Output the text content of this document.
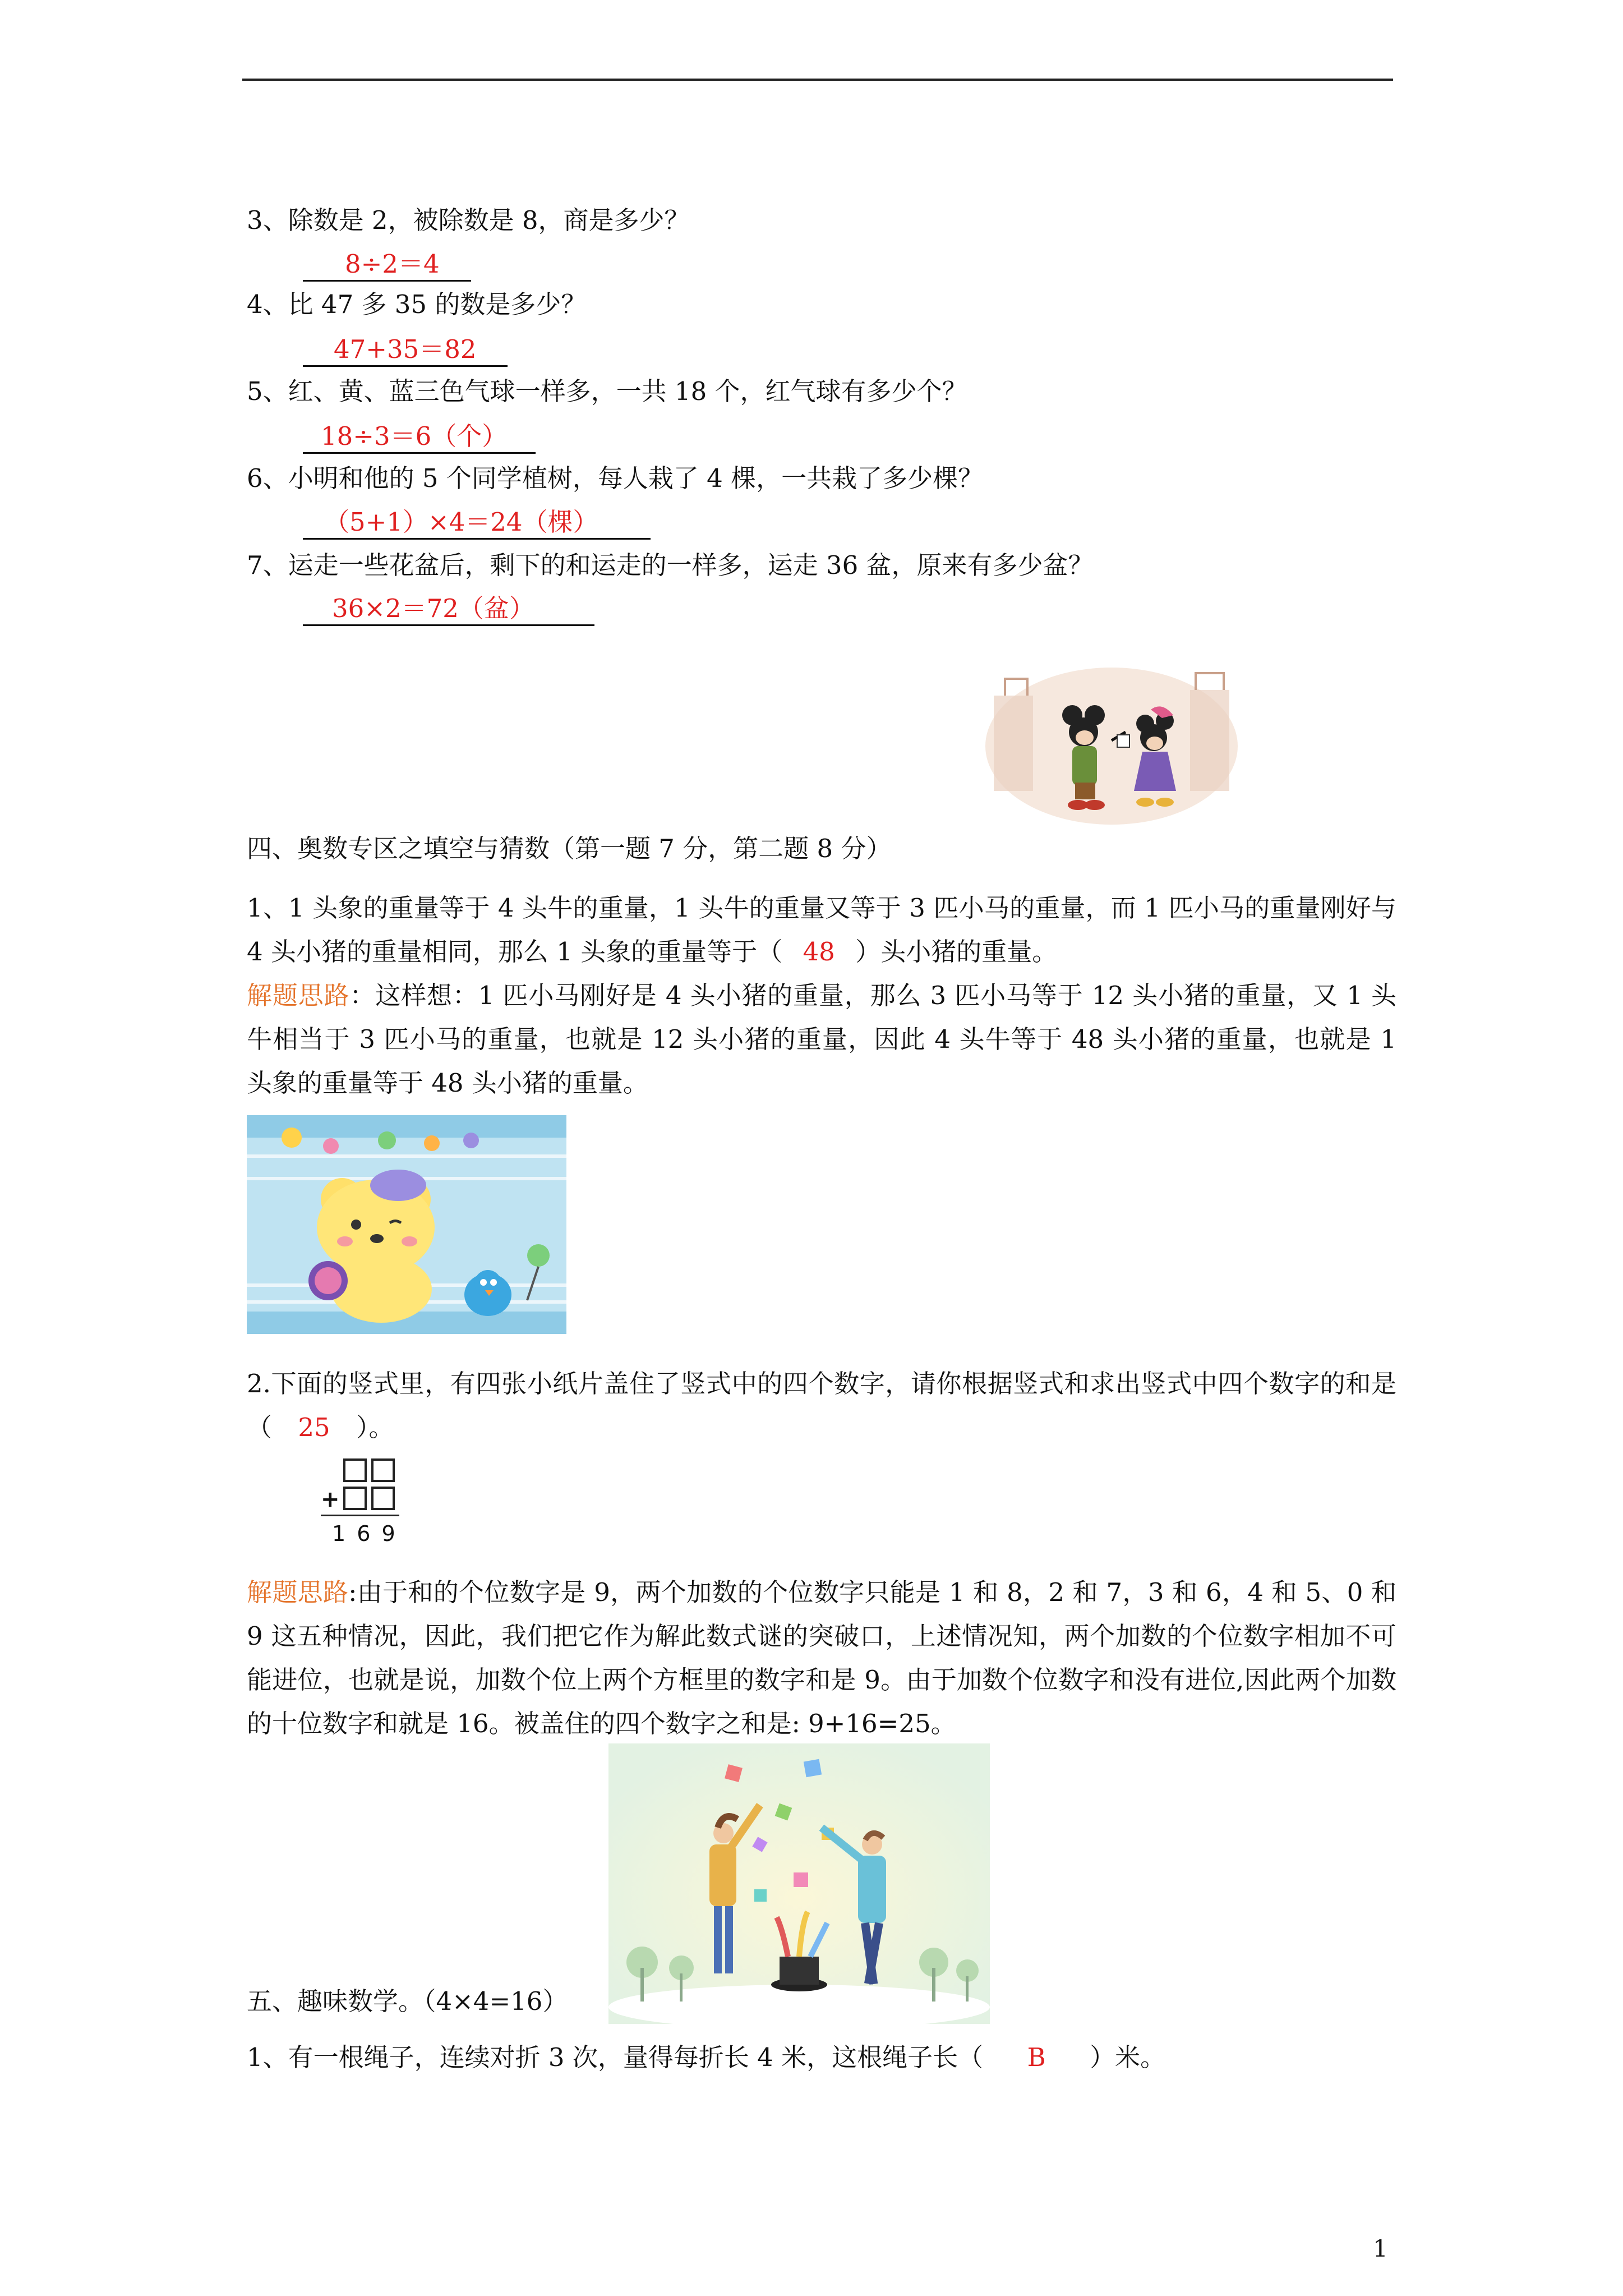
3、除数是 2，被除数是 8，商是多少？
8÷2＝4
4、比 47 多 35 的数是多少？
47+35＝82
5、红、黄、蓝三色气球一样多，一共 18 个，红气球有多少个？
18÷3＝6（个）
6、小明和他的 5 个同学植树，每人栽了 4 棵，一共栽了多少棵？
（5+1）×4＝24（棵）
7、运走一些花盆后，剩下的和运走的一样多，运走 36 盆，原来有多少盆？
36×2＝72（盆）
四、奥数专区之填空与猜数（第一题 7 分，第二题 8 分）
1、1 头象的重量等于 4 头牛的重量，1 头牛的重量又等于 3 匹小马的重量，而 1 匹小马的重量刚好与 4 头小猪的重量相同，那么 1 头象的重量等于（ 48 ）头小猪的重量。
解题思路：这样想：1 匹小马刚好是 4 头小猪的重量，那么 3 匹小马等于 12 头小猪的重量，又 1 头牛相当于 3 匹小马的重量，也就是 12 头小猪的重量，因此 4 头牛等于 48 头小猪的重量，也就是 1 头象的重量等于 48 头小猪的重量。
2.下面的竖式里，有四张小纸片盖住了竖式中的四个数字，请你根据竖式和求出竖式中四个数字的和是（ 25 ）。
+
1 6 9
解题思路:由于和的个位数字是 9，两个加数的个位数字只能是 1 和 8，2 和 7，3 和 6，4 和 5、0 和 9 这五种情况，因此，我们把它作为解此数式谜的突破口，上述情况知，两个加数的个位数字相加不可能进位，也就是说，加数个位上两个方框里的数字和是 9。由于加数个位数字和没有进位,因此两个加数的十位数字和就是 16。被盖住的四个数字之和是: 9+16=25。
五、趣味数学。（4×4=16）
1、有一根绳子，连续对折 3 次，量得每折长 4 米，这根绳子长（ B ）米。
1
